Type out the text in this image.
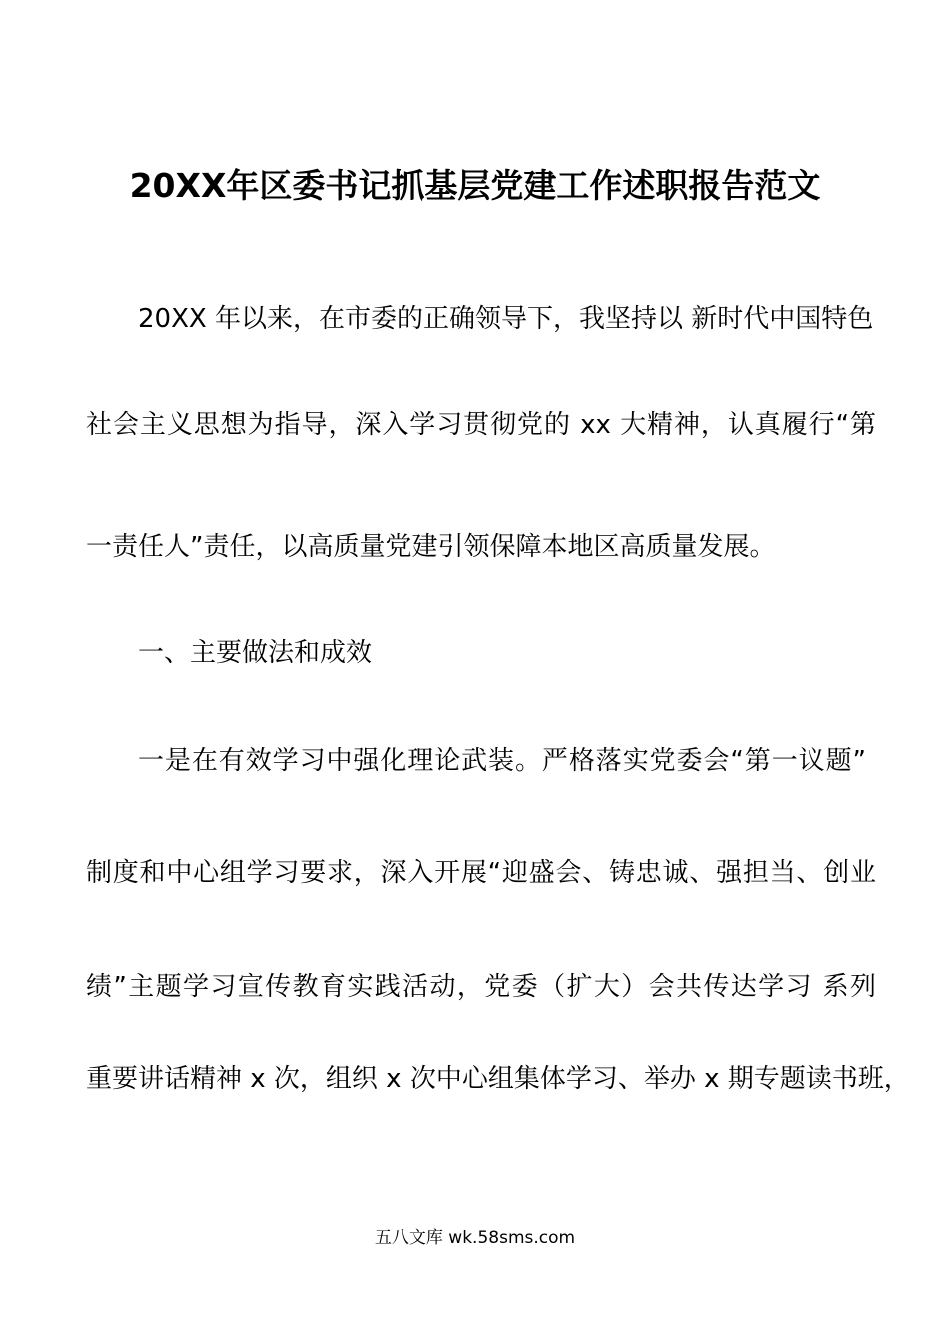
20XX年区委书记抓基层党建工作述职报告范文
20XX 年以来，在市委的正确领导下，我坚持以 新时代中国特色
社会主义思想为指导，深入学习贯彻党的 xx 大精神，认真履行“第
一责任人”责任，以高质量党建引领保障本地区高质量发展。
一、主要做法和成效
一是在有效学习中强化理论武装。严格落实党委会“第一议题”
制度和中心组学习要求，深入开展“迎盛会、铸忠诚、强担当、创业
绩”主题学习宣传教育实践活动，党委（扩大）会共传达学习 系列
重要讲话精神 x 次，组织 x 次中心组集体学习、举办 x 期专题读书班，
五八文库 wk.58sms.com
